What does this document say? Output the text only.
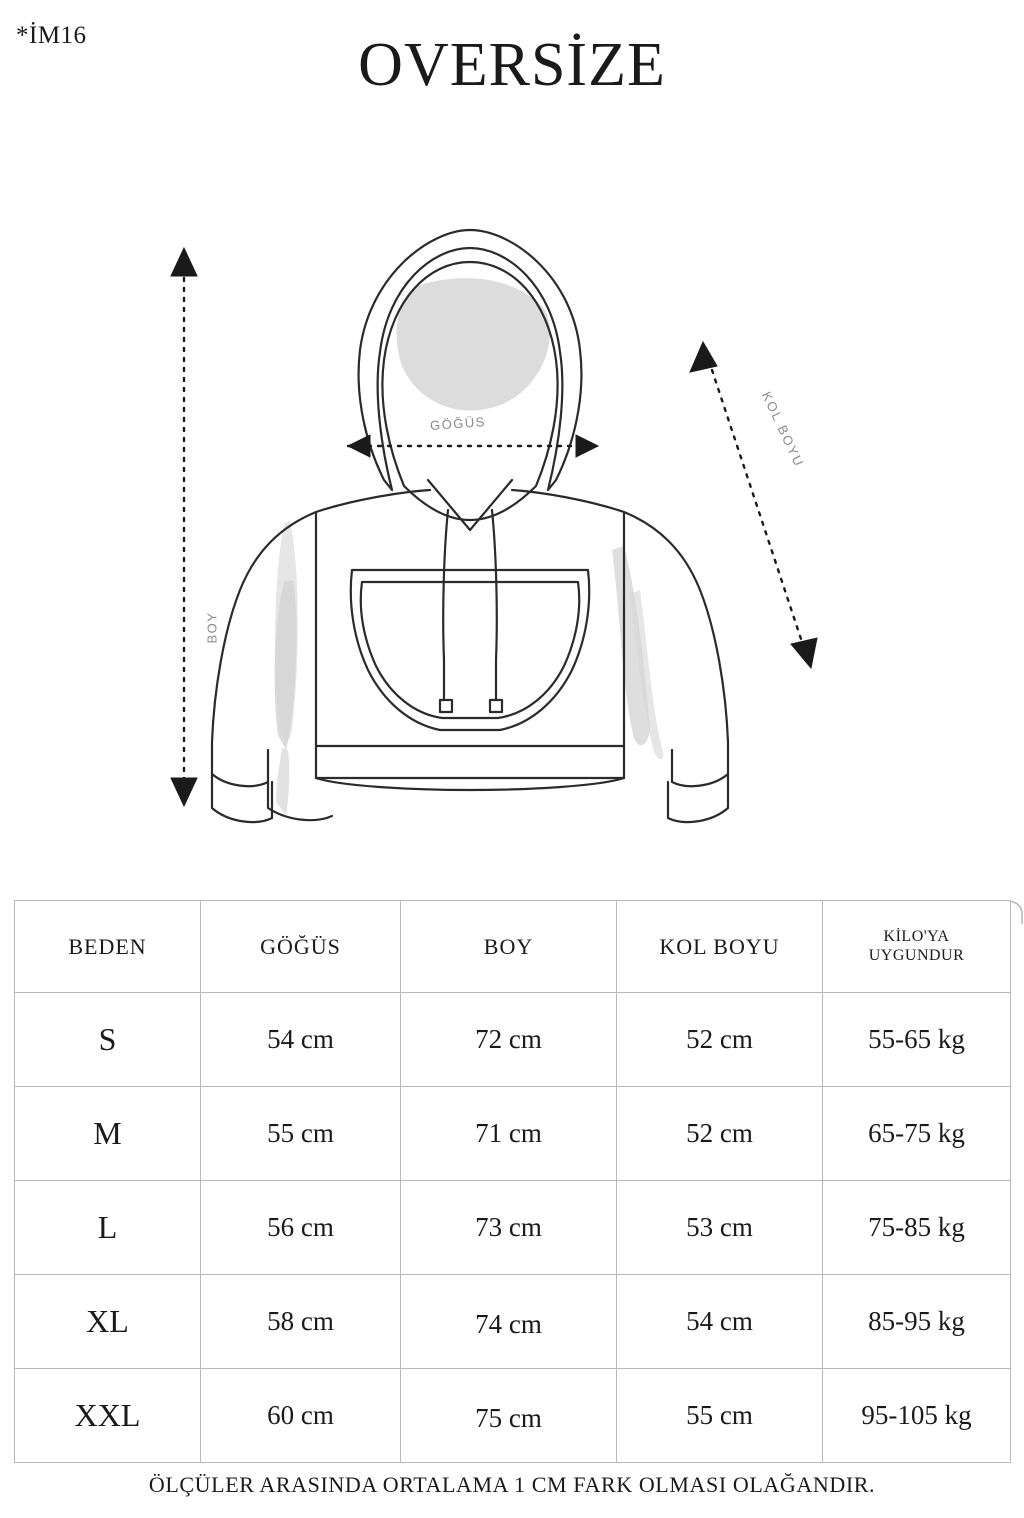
*İM16	OVERSİZE
GÖĞÜS
BOY
KOL BOYU
BEDEN	GÖĞÜS	BOY	KOL BOYU	KİLO'YA
UYGUNDUR

S	54 cm	72 cm	52 cm	55-65 kg
M	55 cm	71 cm	52 cm	65-75 kg
L	56 cm	73 cm	53 cm	75-85 kg
XL	58 cm	74 cm	54 cm	85-95 kg
XXL	60 cm	75 cm	55 cm	95-105 kg
ÖLÇÜLER ARASINDA ORTALAMA 1 CM FARK OLMASI OLAĞANDIR.
